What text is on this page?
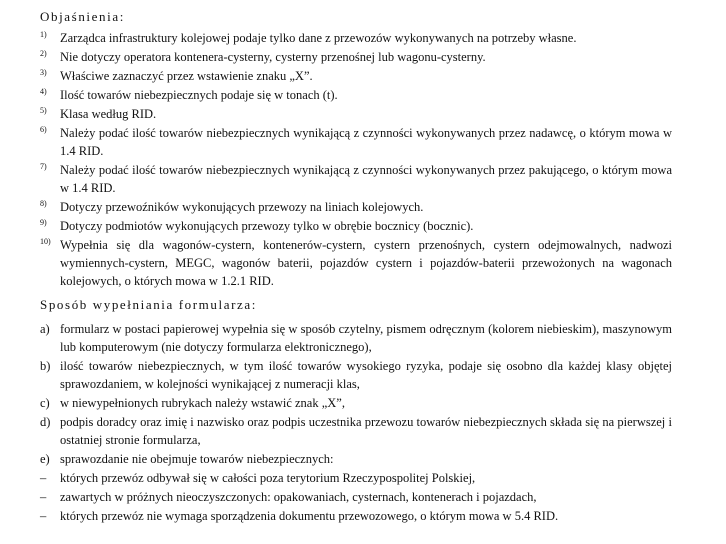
Objaśnienia:
1)	Zarządca infrastruktury kolejowej podaje tylko dane z przewozów wykonywanych na potrzeby własne.
2)	Nie dotyczy operatora kontenera-cysterny, cysterny przenośnej lub wagonu-cysterny.
3)	Właściwe zaznaczyć przez wstawienie znaku „X”.
4)	Ilość towarów niebezpiecznych podaje się w tonach (t).
5)	Klasa według RID.
6)	Należy podać ilość towarów niebezpiecznych wynikającą z czynności wykonywanych przez nadawcę, o którym mowa w 1.4 RID.
7)	Należy podać ilość towarów niebezpiecznych wynikającą z czynności wykonywanych przez pakującego, o którym mowa w 1.4 RID.
8)	Dotyczy przewoźników wykonujących przewozy na liniach kolejowych.
9)	Dotyczy podmiotów wykonujących przewozy tylko w obrębie bocznicy (bocznic).
10) Wypełnia się dla wagonów-cystern, kontenerów-cystern, cystern przenośnych, cystern odejmowalnych, nadwozi wymiennych-cystern, MEGC, wagonów baterii, pojazdów cystern i pojazdów-baterii przewożonych na wagonach kolejowych, o których mowa w 1.2.1 RID.
Sposób wypełniania formularza:
a) formularz w postaci papierowej wypełnia się w sposób czytelny, pismem odręcznym (kolorem niebieskim), maszynowym lub komputerowym (nie dotyczy formularza elektronicznego),
b) ilość towarów niebezpiecznych, w tym ilość towarów wysokiego ryzyka, podaje się osobno dla każdej klasy objętej sprawozdaniem, w kolejności wynikającej z numeracji klas,
c) w niewypełnionych rubrykach należy wstawić znak „X”,
d) podpis doradcy oraz imię i nazwisko oraz podpis uczestnika przewozu towarów niebezpiecznych składa się na pierwszej i ostatniej stronie formularza,
e) sprawozdanie nie obejmuje towarów niebezpiecznych:
–	których przewóz odbywał się w całości poza terytorium Rzeczypospolitej Polskiej,
–	zawartych w próżnych nieoczyszczonych: opakowaniach, cysternach, kontenerach i pojazdach,
–	których przewóz nie wymaga sporządzenia dokumentu przewozowego, o którym mowa w 5.4 RID.
